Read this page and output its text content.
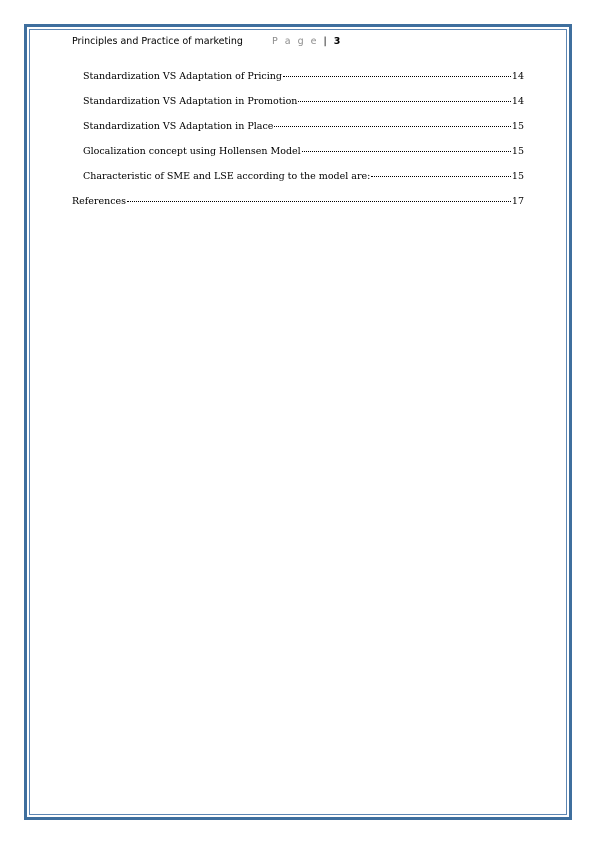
Principles and Practice of marketing	P a g e | 3
Standardization VS Adaptation of Pricing	14
Standardization VS Adaptation in Promotion	14
Standardization VS Adaptation in Place	15
Glocalization concept using Hollensen Model	15
Characteristic of SME and LSE according to the model are:	15
References	17
